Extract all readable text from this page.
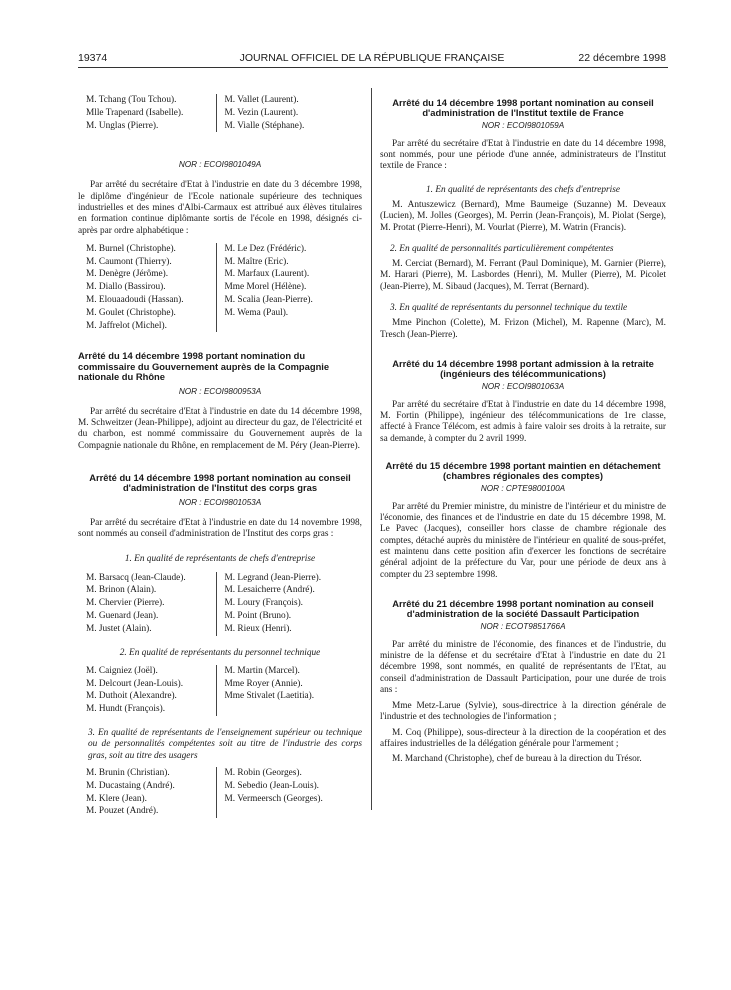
19374	JOURNAL OFFICIEL DE LA RÉPUBLIQUE FRANÇAISE	22 décembre 1998
M. Tchang (Tou Tchou).
Mlle Trapenard (Isabelle).
M. Unglas (Pierre).
M. Vallet (Laurent).
M. Vezin (Laurent).
M. Vialle (Stéphane).

NOR : ECOI9801049A

Par arrêté du secrétaire d'Etat à l'industrie en date du 3 décembre 1998, le diplôme d'ingénieur de l'Ecole nationale supérieure des techniques industrielles et des mines d'Albi-Carmaux est attribué aux élèves titulaires en formation continue diplômante sortis de l'école en 1998, désignés ci-après par ordre alphabétique :

M. Burnel (Christophe).
M. Caumont (Thierry).
M. Denègre (Jérôme).
M. Diallo (Bassirou).
M. Elouaadoudi (Hassan).
M. Goulet (Christophe).
M. Jaffrelot (Michel).
M. Le Dez (Frédéric).
M. Maître (Eric).
M. Marfaux (Laurent).
Mme Morel (Hélène).
M. Scalia (Jean-Pierre).
M. Wema (Paul).

Arrêté du 14 décembre 1998 portant nomination du commissaire du Gouvernement auprès de la Compagnie nationale du Rhône

NOR : ECOI9800953A

Par arrêté du secrétaire d'Etat à l'industrie en date du 14 décembre 1998, M. Schweitzer (Jean-Philippe), adjoint au directeur du gaz, de l'électricité et du charbon, est nommé commissaire du Gouvernement auprès de la Compagnie nationale du Rhône, en remplacement de M. Péry (Jean-Pierre).

Arrêté du 14 décembre 1998 portant nomination au conseil d'administration de l'Institut des corps gras

NOR : ECOI9801053A

Par arrêté du secrétaire d'Etat à l'industrie en date du 14 novembre 1998, sont nommés au conseil d'administration de l'Institut des corps gras :

1. En qualité de représentants de chefs d'entreprise

M. Barsacq (Jean-Claude).
M. Brinon (Alain).
M. Chervier (Pierre).
M. Guenard (Jean).
M. Justet (Alain).
M. Legrand (Jean-Pierre).
M. Lesaicherre (André).
M. Loury (François).
M. Point (Bruno).
M. Rieux (Henri).

2. En qualité de représentants du personnel technique

M. Caigniez (Joël).
M. Delcourt (Jean-Louis).
M. Duthoit (Alexandre).
M. Hundt (François).
M. Martin (Marcel).
Mme Royer (Annie).
Mme Stivalet (Laetitia).

3. En qualité de représentants de l'enseignement supérieur ou technique ou de personnalités compétentes soit au titre de l'industrie des corps gras, soit au titre des usagers

M. Brunin (Christian).
M. Ducastaing (André).
M. Klere (Jean).
M. Pouzet (André).
M. Robin (Georges).
M. Sebedio (Jean-Louis).
M. Vermeersch (Georges).

Arrêté du 14 décembre 1998 portant nomination au conseil d'administration de l'Institut textile de France

NOR : ECOI9801059A

Par arrêté du secrétaire d'Etat à l'industrie en date du 14 décembre 1998, sont nommés, pour une période d'une année, administrateurs de l'Institut textile de France :

1. En qualité de représentants des chefs d'entreprise

M. Antuszewicz (Bernard), Mme Baumeige (Suzanne) M. Deveaux (Lucien), M. Jolles (Georges), M. Perrin (Jean-François), M. Piolat (Serge), M. Protat (Pierre-Henri), M. Vourlat (Pierre), M. Watrin (Francis).

2. En qualité de personnalités particulièrement compétentes

M. Cerciat (Bernard), M. Ferrant (Paul Dominique), M. Garnier (Pierre), M. Harari (Pierre), M. Lasbordes (Henri), M. Muller (Pierre), M. Picolet (Jean-Pierre), M. Sibaud (Jacques), M. Terrat (Bernard).

3. En qualité de représentants du personnel technique du textile

Mme Pinchon (Colette), M. Frizon (Michel), M. Rapenne (Marc), M. Tresch (Jean-Pierre).

Arrêté du 14 décembre 1998 portant admission à la retraite (ingénieurs des télécommunications)

NOR : ECOI9801063A

Par arrêté du secrétaire d'Etat à l'industrie en date du 14 décembre 1998, M. Fortin (Philippe), ingénieur des télécommunications de 1re classe, affecté à France Télécom, est admis à faire valoir ses droits à la retraite, sur sa demande, à compter du 2 avril 1999.

Arrêté du 15 décembre 1998 portant maintien en détachement (chambres régionales des comptes)

NOR : CPTE9800100A

Par arrêté du Premier ministre, du ministre de l'intérieur et du ministre de l'économie, des finances et de l'industrie en date du 15 décembre 1998, M. Le Pavec (Jacques), conseiller hors classe de chambre régionale des comptes, détaché auprès du ministère de l'intérieur en qualité de sous-préfet, est maintenu dans cette position afin d'exercer les fonctions de secrétaire général adjoint de la préfecture du Var, pour une période de deux ans à compter du 23 septembre 1998.

Arrêté du 21 décembre 1998 portant nomination au conseil d'administration de la société Dassault Participation

NOR : ECOT9851766A

Par arrêté du ministre de l'économie, des finances et de l'industrie, du ministre de la défense et du secrétaire d'Etat à l'industrie en date du 21 décembre 1998, sont nommés, en qualité de représentants de l'Etat, au conseil d'administration de Dassault Participation, pour une durée de trois ans :

Mme Metz-Larue (Sylvie), sous-directrice à la direction générale de l'industrie et des technologies de l'information ;

M. Coq (Philippe), sous-directeur à la direction de la coopération et des affaires industrielles de la délégation générale pour l'armement ;

M. Marchand (Christophe), chef de bureau à la direction du Trésor.
